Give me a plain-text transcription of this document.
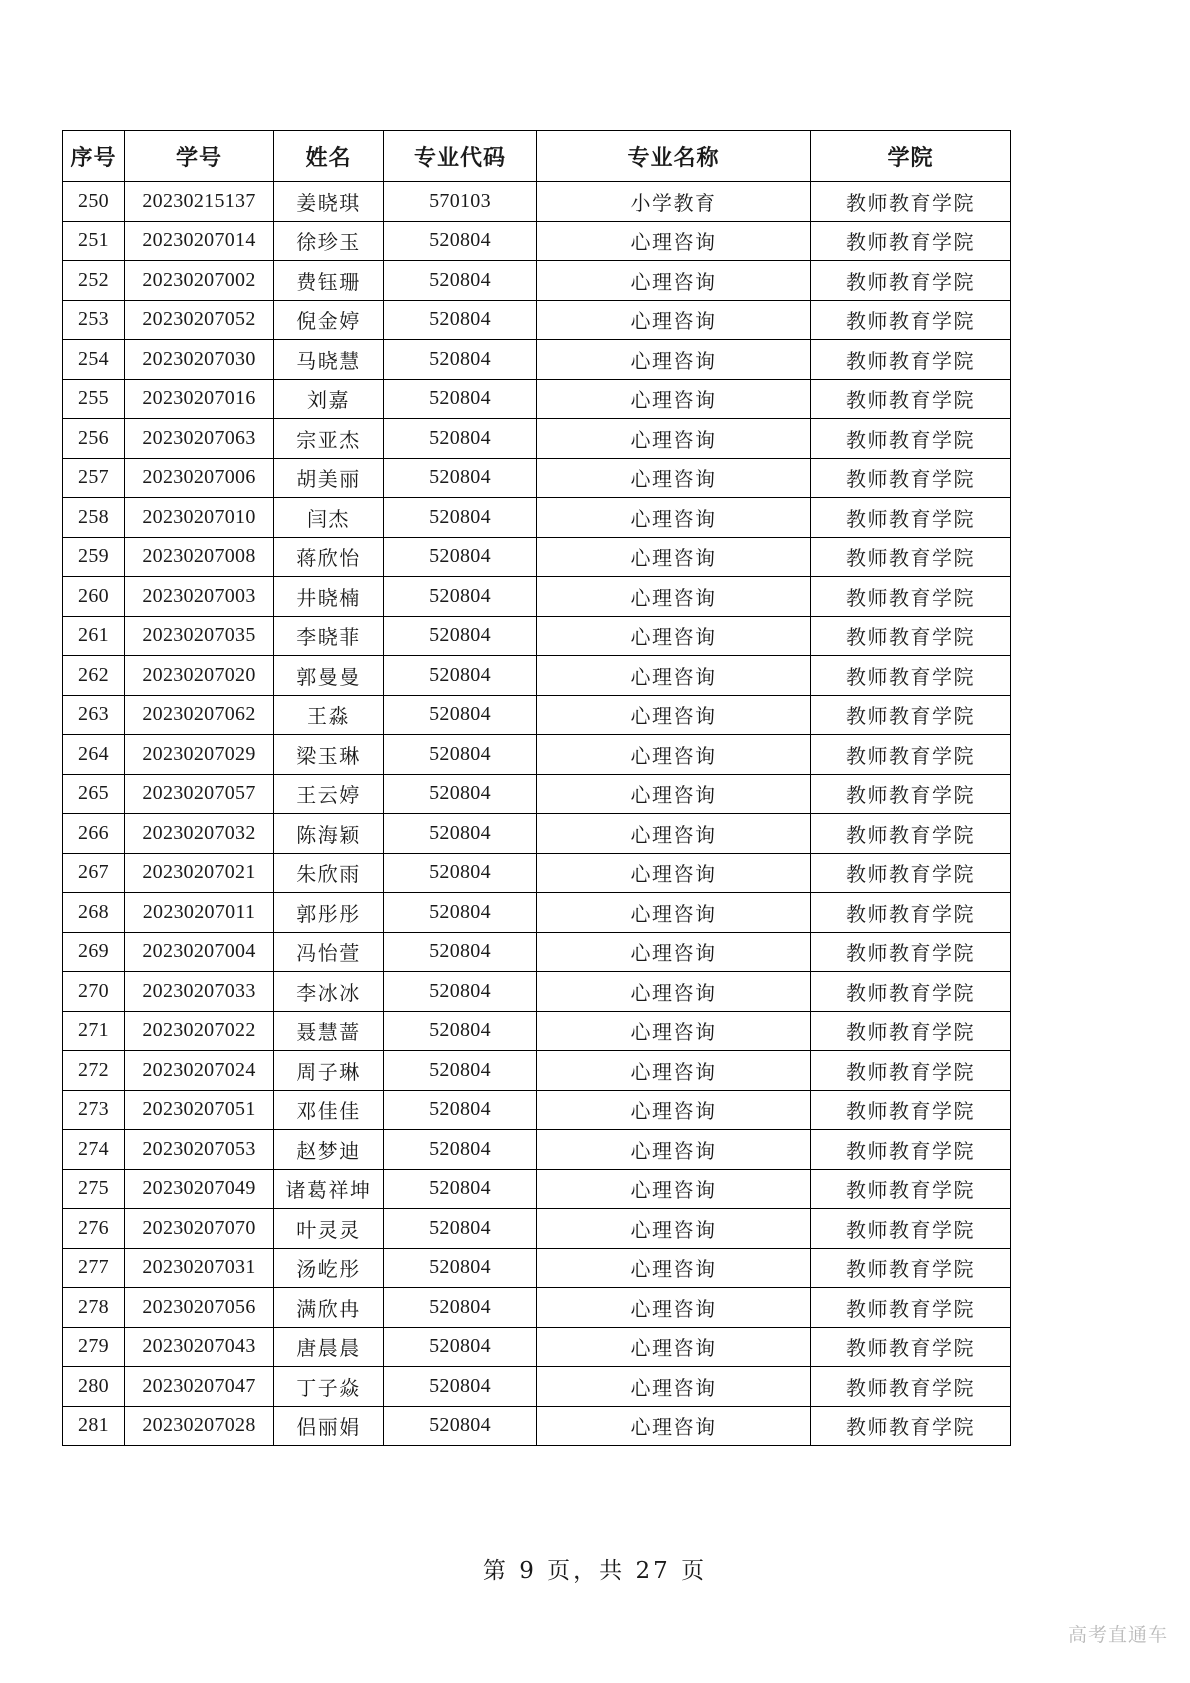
序号	学号	姓名	专业代码	专业名称	学院
250	20230215137	姜晓琪	570103	小学教育	教师教育学院
251	20230207014	徐珍玉	520804	心理咨询	教师教育学院
252	20230207002	费钰珊	520804	心理咨询	教师教育学院
253	20230207052	倪金婷	520804	心理咨询	教师教育学院
254	20230207030	马晓慧	520804	心理咨询	教师教育学院
255	20230207016	刘嘉	520804	心理咨询	教师教育学院
256	20230207063	宗亚杰	520804	心理咨询	教师教育学院
257	20230207006	胡美丽	520804	心理咨询	教师教育学院
258	20230207010	闫杰	520804	心理咨询	教师教育学院
259	20230207008	蒋欣怡	520804	心理咨询	教师教育学院
260	20230207003	井晓楠	520804	心理咨询	教师教育学院
261	20230207035	李晓菲	520804	心理咨询	教师教育学院
262	20230207020	郭曼曼	520804	心理咨询	教师教育学院
263	20230207062	王淼	520804	心理咨询	教师教育学院
264	20230207029	梁玉琳	520804	心理咨询	教师教育学院
265	20230207057	王云婷	520804	心理咨询	教师教育学院
266	20230207032	陈海颖	520804	心理咨询	教师教育学院
267	20230207021	朱欣雨	520804	心理咨询	教师教育学院
268	20230207011	郭彤彤	520804	心理咨询	教师教育学院
269	20230207004	冯怡萱	520804	心理咨询	教师教育学院
270	20230207033	李冰冰	520804	心理咨询	教师教育学院
271	20230207022	聂慧蔷	520804	心理咨询	教师教育学院
272	20230207024	周子琳	520804	心理咨询	教师教育学院
273	20230207051	邓佳佳	520804	心理咨询	教师教育学院
274	20230207053	赵梦迪	520804	心理咨询	教师教育学院
275	20230207049	诸葛祥坤	520804	心理咨询	教师教育学院
276	20230207070	叶灵灵	520804	心理咨询	教师教育学院
277	20230207031	汤屹彤	520804	心理咨询	教师教育学院
278	20230207056	满欣冉	520804	心理咨询	教师教育学院
279	20230207043	唐晨晨	520804	心理咨询	教师教育学院
280	20230207047	丁子焱	520804	心理咨询	教师教育学院
281	20230207028	侣丽娟	520804	心理咨询	教师教育学院
第 9 页，共 27 页
高考直通车
